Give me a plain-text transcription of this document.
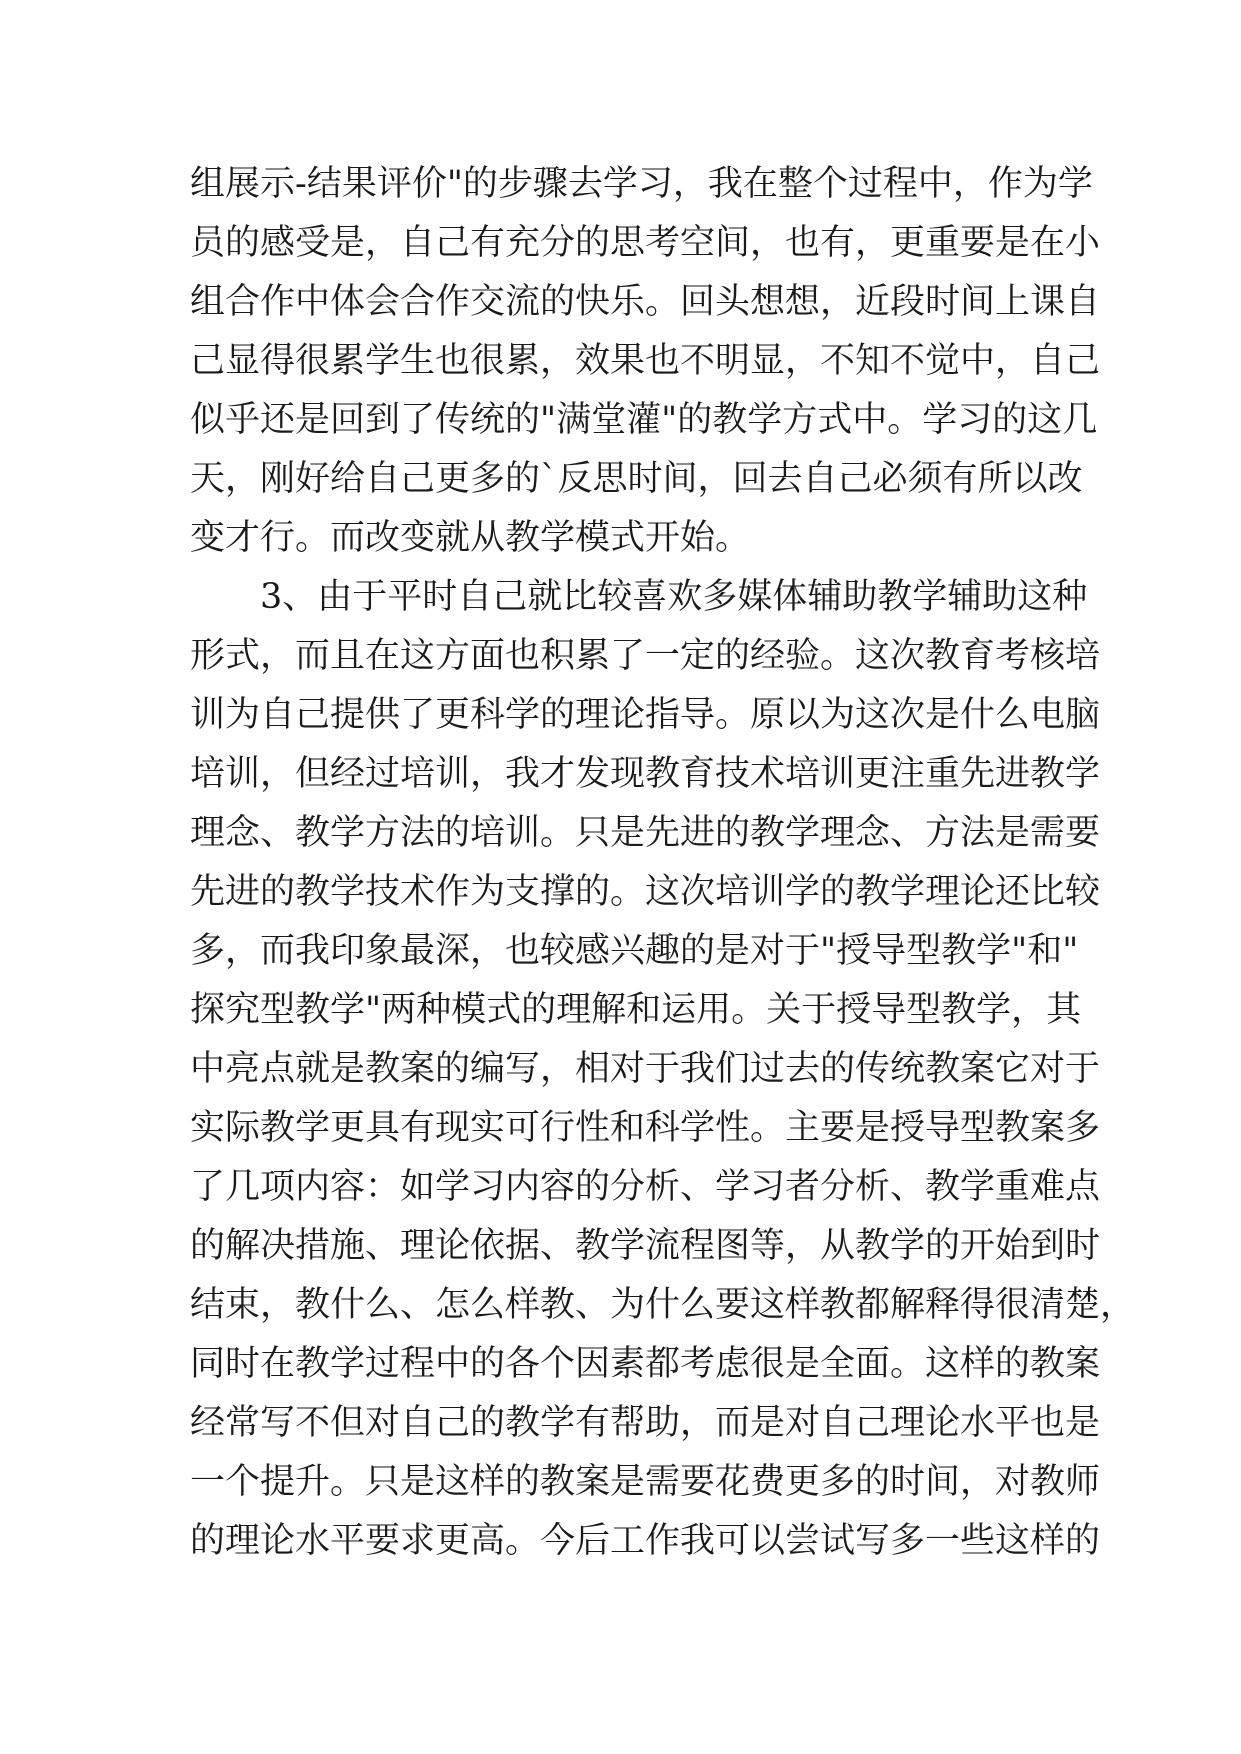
组展示-结果评价"的步骤去学习，我在整个过程中，作为学
员的感受是，自己有充分的思考空间，也有，更重要是在小
组合作中体会合作交流的快乐。回头想想，近段时间上课自
己显得很累学生也很累，效果也不明显，不知不觉中，自己
似乎还是回到了传统的"满堂灌"的教学方式中。学习的这几
天，刚好给自己更多的`反思时间，回去自己必须有所以改
变才行。而改变就从教学模式开始。
　　3、由于平时自己就比较喜欢多媒体辅助教学辅助这种
形式，而且在这方面也积累了一定的经验。这次教育考核培
训为自己提供了更科学的理论指导。原以为这次是什么电脑
培训，但经过培训，我才发现教育技术培训更注重先进教学
理念、教学方法的培训。只是先进的教学理念、方法是需要
先进的教学技术作为支撑的。这次培训学的教学理论还比较
多，而我印象最深，也较感兴趣的是对于"授导型教学"和"
探究型教学"两种模式的理解和运用。关于授导型教学，其
中亮点就是教案的编写，相对于我们过去的传统教案它对于
实际教学更具有现实可行性和科学性。主要是授导型教案多
了几项内容：如学习内容的分析、学习者分析、教学重难点
的解决措施、理论依据、教学流程图等，从教学的开始到时
结束，教什么、怎么样教、为什么要这样教都解释得很清楚，
同时在教学过程中的各个因素都考虑很是全面。这样的教案
经常写不但对自己的教学有帮助，而是对自己理论水平也是
一个提升。只是这样的教案是需要花费更多的时间，对教师
的理论水平要求更高。今后工作我可以尝试写多一些这样的
